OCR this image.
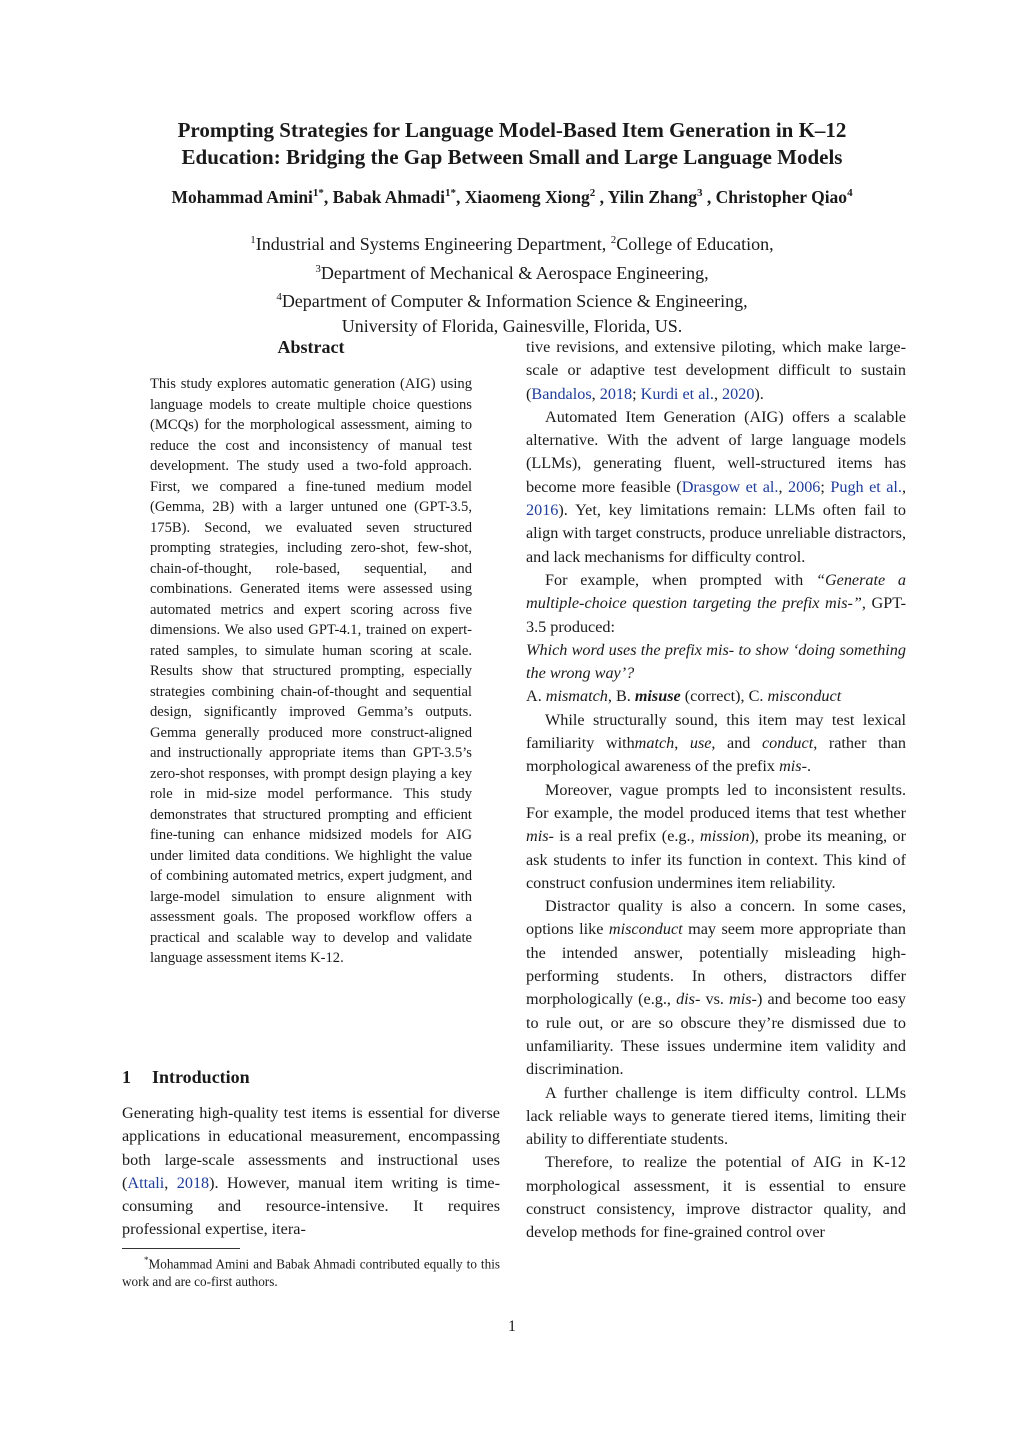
Prompting Strategies for Language Model-Based Item Generation in K–12
Education: Bridging the Gap Between Small and Large Language Models
Mohammad Amini$^{1*}$, Babak Ahmadi$^{1*}$, Xiaomeng Xiong$^2$ , Yilin Zhang$^3$ , Christopher Qiao$^4$
$^1$Industrial and Systems Engineering Department, $^2$College of Education,
$^3$Department of Mechanical & Aerospace Engineering,
$^4$Department of Computer & Information Science & Engineering,
University of Florida, Gainesville, Florida, US.
Abstract

This study explores automatic generation (AIG) using language models to create multiple choice questions (MCQs) for the morphological assessment, aiming to reduce the cost and inconsistency of manual test development. The study used a two-fold approach. First, we compared a fine-tuned medium model (Gemma, 2B) with a larger untuned one (GPT-3.5, 175B). Second, we evaluated seven structured prompting strategies, including zero-shot, few-shot, chain-of-thought, role-based, sequential, and combinations. Generated items were assessed using automated metrics and expert scoring across five dimensions. We also used GPT-4.1, trained on expert-rated samples, to simulate human scoring at scale. Results show that structured prompting, especially strategies combining chain-of-thought and sequential design, significantly improved Gemma’s outputs. Gemma generally produced more construct-aligned and instructionally appropriate items than GPT-3.5’s zero-shot responses, with prompt design playing a key role in mid-size model performance. This study demonstrates that structured prompting and efficient fine-tuning can enhance midsized models for AIG under limited data conditions. We highlight the value of combining automated metrics, expert judgment, and large-model simulation to ensure alignment with assessment goals. The proposed workflow offers a practical and scalable way to develop and validate language assessment items K-12.

1 Introduction

Generating high-quality test items is essential for diverse applications in educational measurement, encompassing both large-scale assessments and instructional uses (Attali, 2018). However, manual item writing is time-consuming and resource-intensive. It requires professional expertise, itera-

*Mohammad Amini and Babak Ahmadi contributed equally to this work and are co-first authors.

tive revisions, and extensive piloting, which make large-scale or adaptive test development difficult to sustain (Bandalos, 2018; Kurdi et al., 2020).

Automated Item Generation (AIG) offers a scalable alternative. With the advent of large language models (LLMs), generating fluent, well-structured items has become more feasible (Drasgow et al., 2006; Pugh et al., 2016). Yet, key limitations remain: LLMs often fail to align with target constructs, produce unreliable distractors, and lack mechanisms for difficulty control.

For example, when prompted with “Generate a multiple-choice question targeting the prefix mis-”, GPT-3.5 produced:

Which word uses the prefix mis- to show ‘doing something the wrong way’?

A. mismatch, B. misuse (correct), C. misconduct

While structurally sound, this item may test lexical familiarity withmatch, use, and conduct, rather than morphological awareness of the prefix mis-.

Moreover, vague prompts led to inconsistent results. For example, the model produced items that test whether mis- is a real prefix (e.g., mission), probe its meaning, or ask students to infer its function in context. This kind of construct confusion undermines item reliability.

Distractor quality is also a concern. In some cases, options like misconduct may seem more appropriate than the intended answer, potentially misleading high-performing students. In others, distractors differ morphologically (e.g., dis- vs. mis-) and become too easy to rule out, or are so obscure they’re dismissed due to unfamiliarity. These issues undermine item validity and discrimination.

A further challenge is item difficulty control. LLMs lack reliable ways to generate tiered items, limiting their ability to differentiate students.

Therefore, to realize the potential of AIG in K-12 morphological assessment, it is essential to ensure construct consistency, improve distractor quality, and develop methods for fine-grained control over

1
